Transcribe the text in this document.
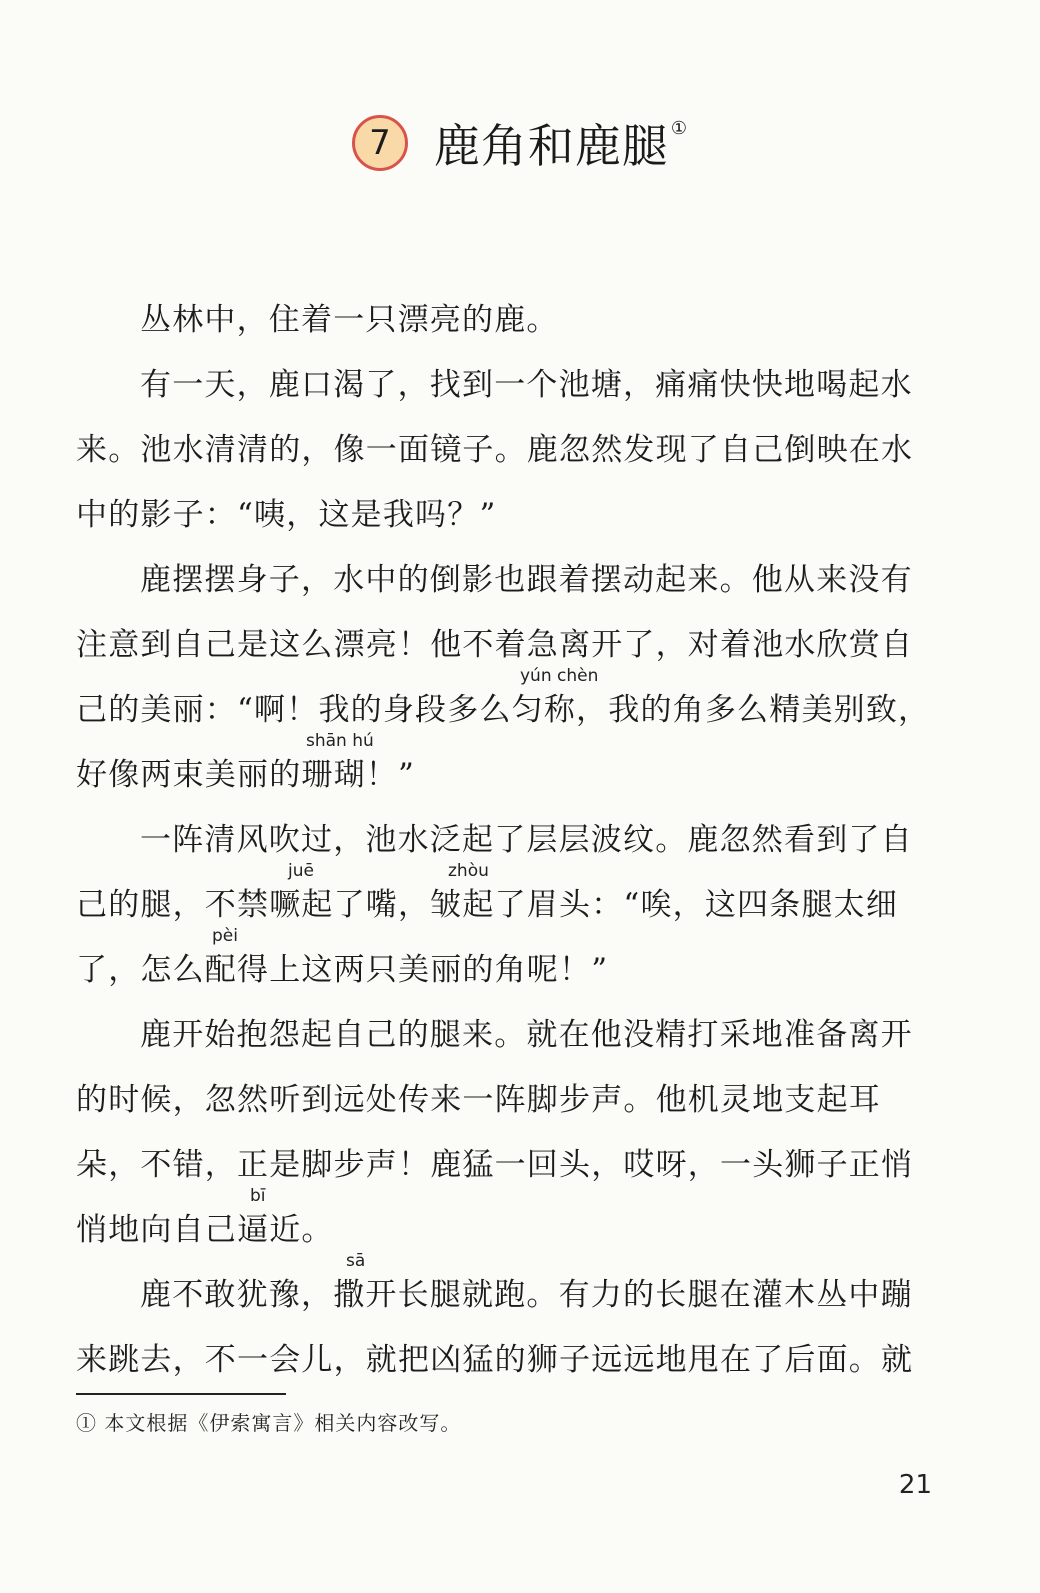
7 鹿角和鹿腿 ①
丛林中，住着一只漂亮的鹿。
有一天，鹿口渴了，找到一个池塘，痛痛快快地喝起水
来。池水清清的，像一面镜子。鹿忽然发现了自己倒映在水
中的影子：“咦，这是我吗？”
鹿摆摆身子，水中的倒影也跟着摆动起来。他从来没有
注意到自己是这么漂亮！他不着急离开了，对着池水欣赏自
yún chèn
己的美丽：“啊！我的身段多么匀称，我的角多么精美别致，
shān hú
好像两束美丽的珊瑚！”
一阵清风吹过，池水泛起了层层波纹。鹿忽然看到了自
juē	zhòu
己的腿，不禁噘起了嘴，皱起了眉头：“唉，这四条腿太细
pèi
了，怎么配得上这两只美丽的角呢！”
鹿开始抱怨起自己的腿来。就在他没精打采地准备离开
的时候，忽然听到远处传来一阵脚步声。他机灵地支起耳
朵，不错，正是脚步声！鹿猛一回头，哎呀，一头狮子正悄
bī
悄地向自己逼近。
sā
鹿不敢犹豫，撒开长腿就跑。有力的长腿在灌木丛中蹦
来跳去，不一会儿，就把凶猛的狮子远远地甩在了后面。就
① 本文根据《伊索寓言》相关内容改写。
21
